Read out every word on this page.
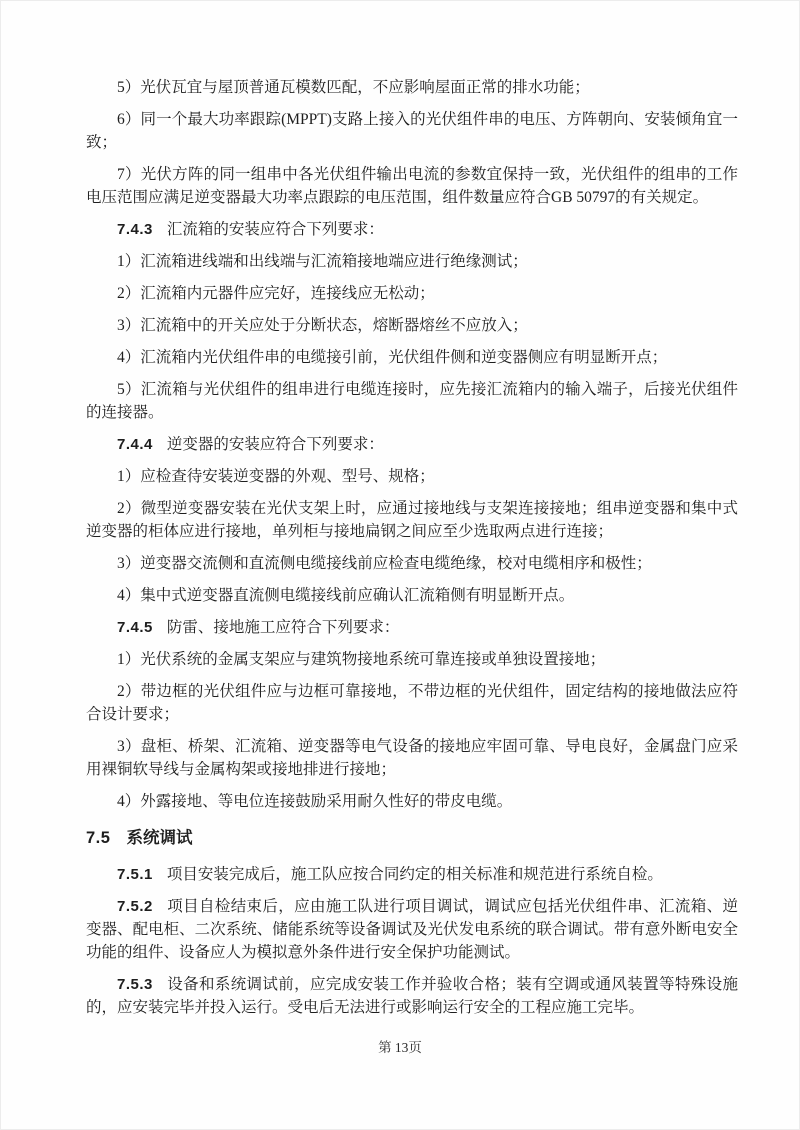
5）光伏瓦宜与屋顶普通瓦模数匹配，不应影响屋面正常的排水功能；

6）同一个最大功率跟踪(MPPT)支路上接入的光伏组件串的电压、方阵朝向、安装倾角宜一致；

7）光伏方阵的同一组串中各光伏组件输出电流的参数宜保持一致，光伏组件的组串的工作电压范围应满足逆变器最大功率点跟踪的电压范围，组件数量应符合GB 50797的有关规定。

7.4.3 汇流箱的安装应符合下列要求：

1）汇流箱进线端和出线端与汇流箱接地端应进行绝缘测试；

2）汇流箱内元器件应完好，连接线应无松动；

3）汇流箱中的开关应处于分断状态，熔断器熔丝不应放入；

4）汇流箱内光伏组件串的电缆接引前，光伏组件侧和逆变器侧应有明显断开点；

5）汇流箱与光伏组件的组串进行电缆连接时，应先接汇流箱内的输入端子，后接光伏组件的连接器。

7.4.4 逆变器的安装应符合下列要求：

1）应检查待安装逆变器的外观、型号、规格；

2）微型逆变器安装在光伏支架上时，应通过接地线与支架连接接地；组串逆变器和集中式逆变器的柜体应进行接地，单列柜与接地扁钢之间应至少选取两点进行连接；

3）逆变器交流侧和直流侧电缆接线前应检查电缆绝缘，校对电缆相序和极性；

4）集中式逆变器直流侧电缆接线前应确认汇流箱侧有明显断开点。

7.4.5 防雷、接地施工应符合下列要求：

1）光伏系统的金属支架应与建筑物接地系统可靠连接或单独设置接地；

2）带边框的光伏组件应与边框可靠接地，不带边框的光伏组件，固定结构的接地做法应符合设计要求；

3）盘柜、桥架、汇流箱、逆变器等电气设备的接地应牢固可靠、导电良好，金属盘门应采用裸铜软导线与金属构架或接地排进行接地；

4）外露接地、等电位连接鼓励采用耐久性好的带皮电缆。

7.5 系统调试

7.5.1 项目安装完成后，施工队应按合同约定的相关标准和规范进行系统自检。

7.5.2 项目自检结束后，应由施工队进行项目调试，调试应包括光伏组件串、汇流箱、逆变器、配电柜、二次系统、储能系统等设备调试及光伏发电系统的联合调试。带有意外断电安全功能的组件、设备应人为模拟意外条件进行安全保护功能测试。

7.5.3 设备和系统调试前，应完成安装工作并验收合格；装有空调或通风装置等特殊设施的，应安装完毕并投入运行。受电后无法进行或影响运行安全的工程应施工完毕。

第 13页
